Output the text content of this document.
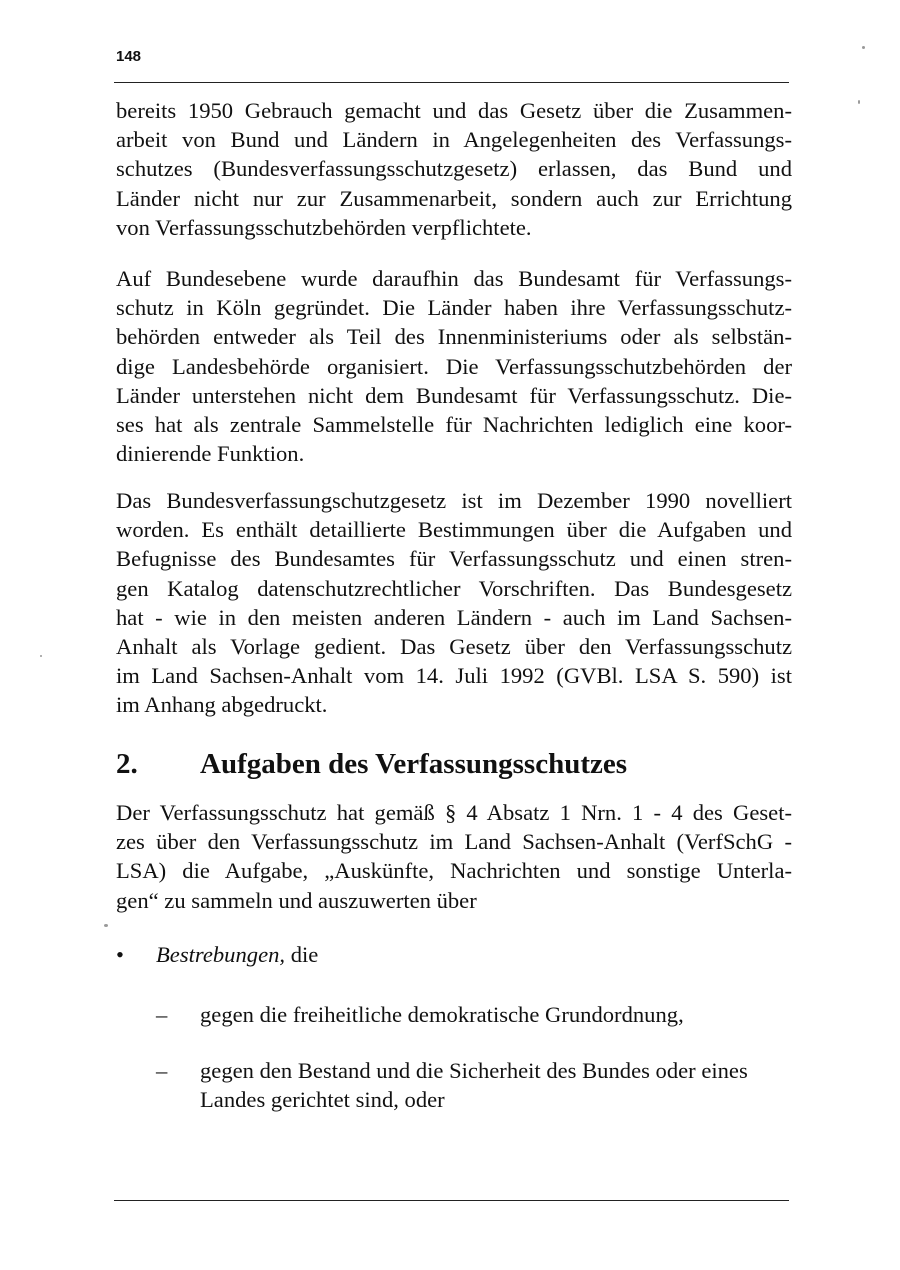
148
bereits 1950 Gebrauch gemacht und das Gesetz über die Zusammen-
arbeit von Bund und Ländern in Angelegenheiten des Verfassungs-
schutzes (Bundesverfassungsschutzgesetz) erlassen, das Bund und
Länder nicht nur zur Zusammenarbeit, sondern auch zur Errichtung
von Verfassungsschutzbehörden verpflichtete.
Auf Bundesebene wurde daraufhin das Bundesamt für Verfassungs-
schutz in Köln gegründet. Die Länder haben ihre Verfassungsschutz-
behörden entweder als Teil des Innenministeriums oder als selbstän-
dige Landesbehörde organisiert. Die Verfassungsschutzbehörden der
Länder unterstehen nicht dem Bundesamt für Verfassungsschutz. Die-
ses hat als zentrale Sammelstelle für Nachrichten lediglich eine koor-
dinierende Funktion.
Das Bundesverfassungschutzgesetz ist im Dezember 1990 novelliert
worden. Es enthält detaillierte Bestimmungen über die Aufgaben und
Befugnisse des Bundesamtes für Verfassungsschutz und einen stren-
gen Katalog datenschutzrechtlicher Vorschriften. Das Bundesgesetz
hat - wie in den meisten anderen Ländern - auch im Land Sachsen-
Anhalt als Vorlage gedient. Das Gesetz über den Verfassungsschutz
im Land Sachsen-Anhalt vom 14. Juli 1992 (GVBl. LSA S. 590) ist
im Anhang abgedruckt.
2. Aufgaben des Verfassungsschutzes
Der Verfassungsschutz hat gemäß § 4 Absatz 1 Nrn. 1 - 4 des Geset-
zes über den Verfassungsschutz im Land Sachsen-Anhalt (VerfSchG -
LSA) die Aufgabe, „Auskünfte, Nachrichten und sonstige Unterla-
gen“ zu sammeln und auszuwerten über
• Bestrebungen, die
– gegen die freiheitliche demokratische Grundordnung,
– gegen den Bestand und die Sicherheit des Bundes oder eines
Landes gerichtet sind, oder
